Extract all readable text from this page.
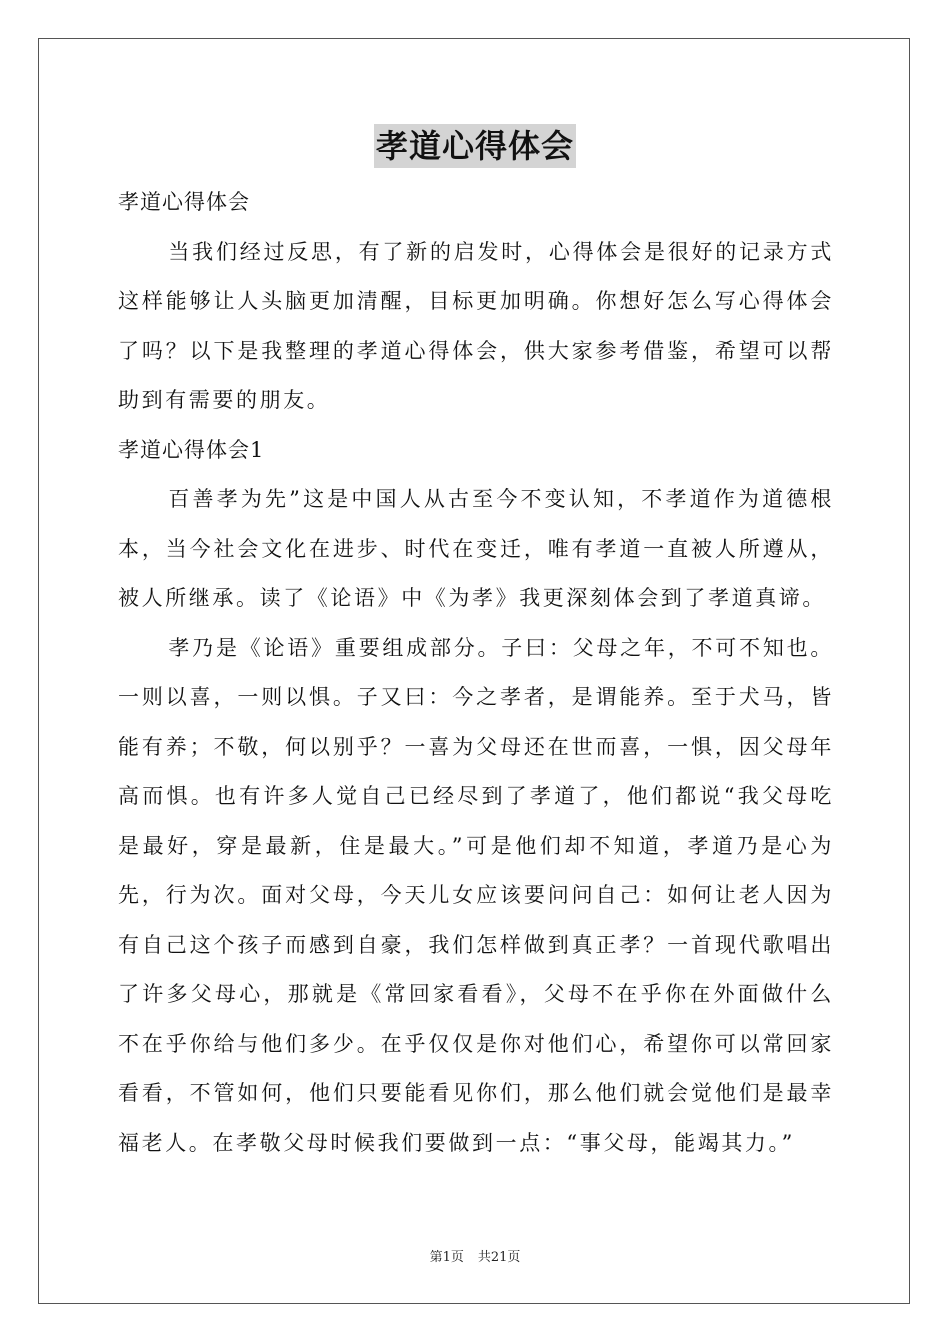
孝道心得体会

孝道心得体会

当我们经过反思，有了新的启发时，心得体会是很好的记录方式这样能够让人头脑更加清醒，目标更加明确。你想好怎么写心得体会了吗？以下是我整理的孝道心得体会，供大家参考借鉴，希望可以帮助到有需要的朋友。

孝道心得体会1

百善孝为先”这是中国人从古至今不变认知，不孝道作为道德根本，当今社会文化在进步、时代在变迁，唯有孝道一直被人所遵从，被人所继承。读了《论语》中《为孝》我更深刻体会到了孝道真谛。

孝乃是《论语》重要组成部分。子曰：父母之年，不可不知也。一则以喜，一则以惧。子又曰：今之孝者，是谓能养。至于犬马，皆能有养；不敬，何以别乎？一喜为父母还在世而喜，一惧，因父母年高而惧。也有许多人觉自己已经尽到了孝道了，他们都说“我父母吃是最好，穿是最新，住是最大。”可是他们却不知道，孝道乃是心为先，行为次。面对父母，今天儿女应该要问问自己：如何让老人因为有自己这个孩子而感到自豪，我们怎样做到真正孝？一首现代歌唱出了许多父母心，那就是《常回家看看》，父母不在乎你在外面做什么不在乎你给与他们多少。在乎仅仅是你对他们心，希望你可以常回家看看，不管如何，他们只要能看见你们，那么他们就会觉他们是最幸福老人。在孝敬父母时候我们要做到一点：“事父母，能竭其力。”

第1页 共21页
